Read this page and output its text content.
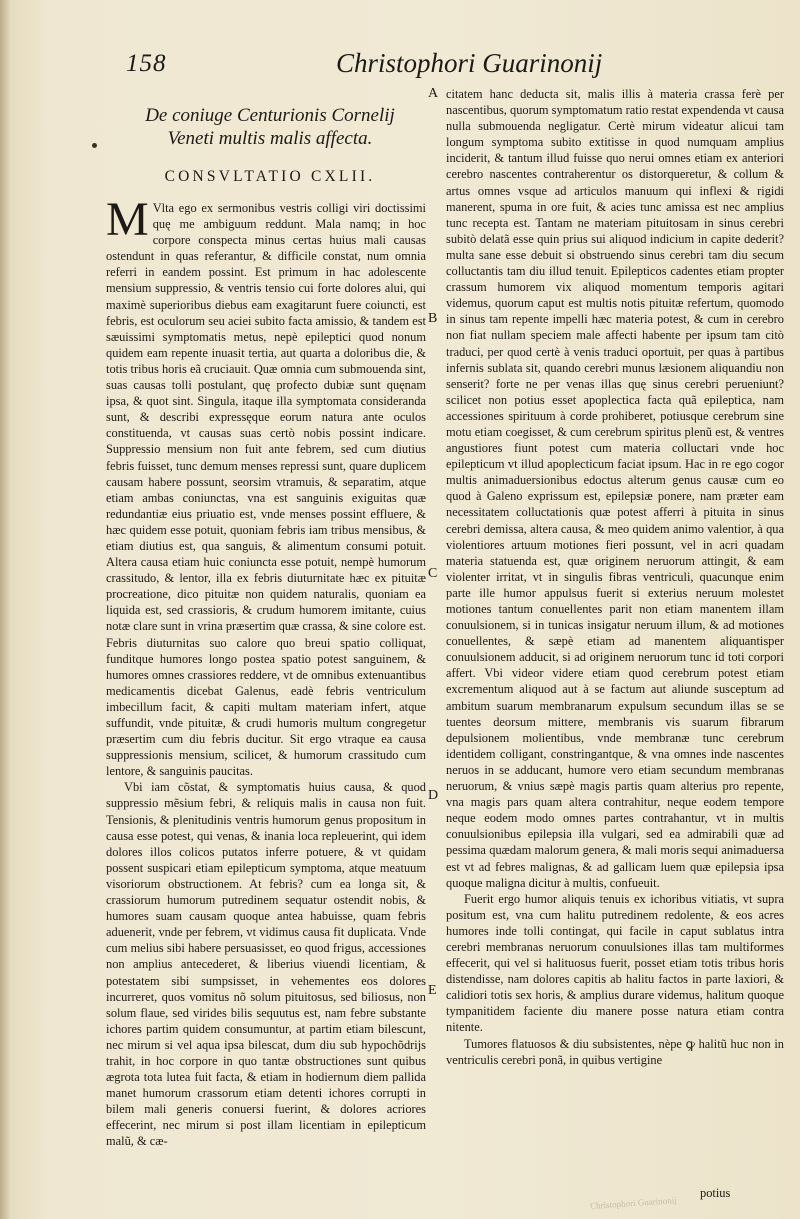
158	Christophori Guarinonij
De coniuge Centurionis Cornelij Veneti multis malis affecta.
CONSVLTATIO CXLII.

M Vlta ego ex sermonibus vestris colligi viri doctissimi quę me ambiguum reddunt. Mala namq; in hoc corpore conspecta minus certas huius mali causas ostendunt in quas referantur, & difficile constat, num omnia referri in eandem possint. Est primum in hac adolescente mensium suppressio, & ventris tensio cui forte dolores alui, qui maximè superioribus diebus eam exagitarunt fuere coiuncti, est febris, est oculorum seu aciei subito facta amissio, & tandem est sæuissimi symptomatis metus, nepè epileptici quod nonum quidem eam repente inuasit tertia, aut quarta a doloribus die, & totis tribus horis eã cruciauit. Quæ omnia cum submouenda sint, suas causas tolli postulant, quę profecto dubiæ sunt quęnam ipsa, & quot sint. Singula, itaque illa symptomata consideranda sunt, & describi expressęque eorum natura ante oculos constituenda, vt causas suas certò nobis possint indicare. Suppressio mensium non fuit ante febrem, sed cum diutius febris fuisset, tunc demum menses repressi sunt, quare duplicem causam habere possunt, seorsim vtramuis, & separatim, atque etiam ambas coniunctas, vna est sanguinis exiguitas quæ redundantiæ eius priuatio est, vnde menses possint effluere, & hæc quidem esse potuit, quoniam febris iam tribus mensibus, & etiam diutius est, qua sanguis, & alimentum consumi potuit. Altera causa etiam huic coniuncta esse potuit, nempè humorum crassitudo, & lentor, illa ex febris diuturnitate hæc ex pituitæ procreatione, dico pituitæ non quidem naturalis, quoniam ea liquida est, sed crassioris, & crudum humorem imitante, cuius notæ clare sunt in vrina præsertim quæ crassa, & sine colore est. Febris diuturnitas suo calore quo breui spatio colliquat, funditque humores longo postea spatio potest sanguinem, & humores omnes crassiores reddere, vt de omnibus extenuantibus medicamentis dicebat Galenus, eadè febris ventriculum imbecillum facit, & capiti multam materiam infert, atque suffundit, vnde pituitæ, & crudi humoris multum congregetur præsertim cum diu febris ducitur. Sit ergo vtraque ea causa suppressionis mensium, scilicet, & humorum crassitudo cum lentore, & sanguinis paucitas.

Vbi iam cõstat, & symptomatis huius causa, & quod suppressio mẽsium febri, & reliquis malis in causa non fuit. Tensionis, & plenitudinis ventris humorum genus propositum in causa esse potest, qui venas, & inania loca repleuerint, qui idem dolores illos colicos putatos inferre potuere, & vt quidam possent suspicari etiam epilepticum symptoma, atque meatuum visoriorum obstructionem. At febris? cum ea longa sit, & crassiorum humorum putredinem sequatur ostendit nobis, & humores suam causam quoque antea habuisse, quam febris aduenerit, vnde per febrem, vt vidimus causa fit duplicata. Vnde cum melius sibi habere persuasisset, eo quod frigus, accessiones non amplius antecederet, & liberius viuendi licentiam, & potestatem sibi sumpsisset, in vehementes eos dolores incurreret, quos vomitus nõ solum pituitosus, sed biliosus, non solum flaue, sed virides bilis sequutus est, nam febre substante ichores partim quidem consumuntur, at partim etiam bilescunt, nec mirum si vel aqua ipsa bilescat, dum diu sub hypochõdrijs trahit, in hoc corpore in quo tantæ obstructiones sunt quibus ægrota tota lutea fuit facta, & etiam in hodiernum diem pallida manet humorum crassorum etiam detenti ichores corrupti in bilem mali generis conuersi fuerint, & dolores acriores effecerint, nec mirum si post illam licentiam in epilepticum malũ, & cæ-

citatem hanc deducta sit, malis illis à materia crassa ferè per nascentibus, quorum symptomatum ratio restat expendenda vt causa nulla submouenda negligatur. Certè mirum videatur alicui tam longum symptoma subito extitisse in quod numquam amplius inciderit, & tantum illud fuisse quo nerui omnes etiam ex anteriori cerebro nascentes contraherentur os distorqueretur, & collum & artus omnes vsque ad articulos manuum qui inflexi & rigidi manerent, spuma in ore fuit, & acies tunc amissa est nec amplius tunc recepta est. Tantam ne materiam pituitosam in sinus cerebri subitò delatã esse quin prius sui aliquod indicium in capite dederit? multa sane esse debuit si obstruendo sinus cerebri tam diu secum colluctantis tam diu illud tenuit. Epilepticos cadentes etiam propter crassum humorem vix aliquod momentum temporis agitari videmus, quorum caput est multis notis pituitæ refertum, quomodo in sinus tam repente impelli hæc materia potest, & cum in cerebro non fiat nullam speciem male affecti habente per ipsum tam citò traduci, per quod certè à venis traduci oportuit, per quas à partibus infernis sublata sit, quando cerebri munus læsionem aliquandiu non senserit? forte ne per venas illas quę sinus cerebri perueniunt? scilicet non potius esset apoplectica facta quã epileptica, nam accessiones spirituum à corde prohiberet, potiusque cerebrum sine motu etiam coegisset, & cum cerebrum spiritus plenũ est, & ventres angustiores fiunt potest cum materia colluctari vnde hoc epilepticum vt illud apoplecticum faciat ipsum. Hac in re ego cogor multis animaduersionibus edoctus alterum genus causæ cum eo quod à Galeno exprissum est, epilepsiæ ponere, nam præter eam necessitatem colluctationis quæ potest afferri à pituita in sinus cerebri demissa, altera causa, & meo quidem animo valentior, à qua violentiores artuum motiones fieri possunt, vel in acri quadam materia statuenda est, quæ originem neruorum attingit, & eam violenter irritat, vt in singulis fibras ventriculi, quacunque enim parte ille humor appulsus fuerit si exterius neruum molestet motiones tantum conuellentes parit non etiam manentem illam conuulsionem, si in tunicas insigatur neruum illum, & ad motiones conuellentes, & sæpè etiam ad manentem aliquantisper conuulsionem adducit, si ad originem neruorum tunc id toti corpori affert. Vbi videor videre etiam quod cerebrum potest etiam excrementum aliquod aut à se factum aut aliunde susceptum ad ambitum suarum membranarum expulsum secundum illas se se tuentes deorsum mittere, membranis vis suarum fibrarum depulsionem molientibus, vnde membranæ tunc cerebrum identidem colligant, constringantque, & vna omnes inde nascentes neruos in se adducant, humore vero etiam secundum membranas neruorum, & vnius sæpè magis partis quam alterius pro repente, vna magis pars quam altera contrahitur, neque eodem tempore neque eodem modo omnes partes contrahantur, vt in multis conuulsionibus epilepsia illa vulgari, sed ea admirabili quæ ad pessima quædam malorum genera, & mali moris sequi animaduersa est vt ad febres malignas, & ad gallicam luem quæ epilepsia ipsa quoque maligna dicitur à multis, confueuit.

Fuerit ergo humor aliquis tenuis ex ichoribus vitiatis, vt supra positum est, vna cum halitu putredinem redolente, & eos acres humores inde tolli contingat, qui facile in caput sublatus intra cerebri membranas neruorum conuulsiones illas tam multiformes effecerit, qui vel si halituosus fuerit, posset etiam totis tribus horis distendisse, nam dolores capitis ab halitu factos in parte laxiori, & calidiori totis sex horis, & amplius durare videmus, halitum quoque tympanitidem faciente diu manere posse natura etiam contra nitente.

Tumores flatuosos & diu subsistentes, nèpe ꝙ halitũ huc non in ventriculis cerebri ponã, in quibus vertigine

A
B
C
D
E
potius
Christophori Guarinonij
